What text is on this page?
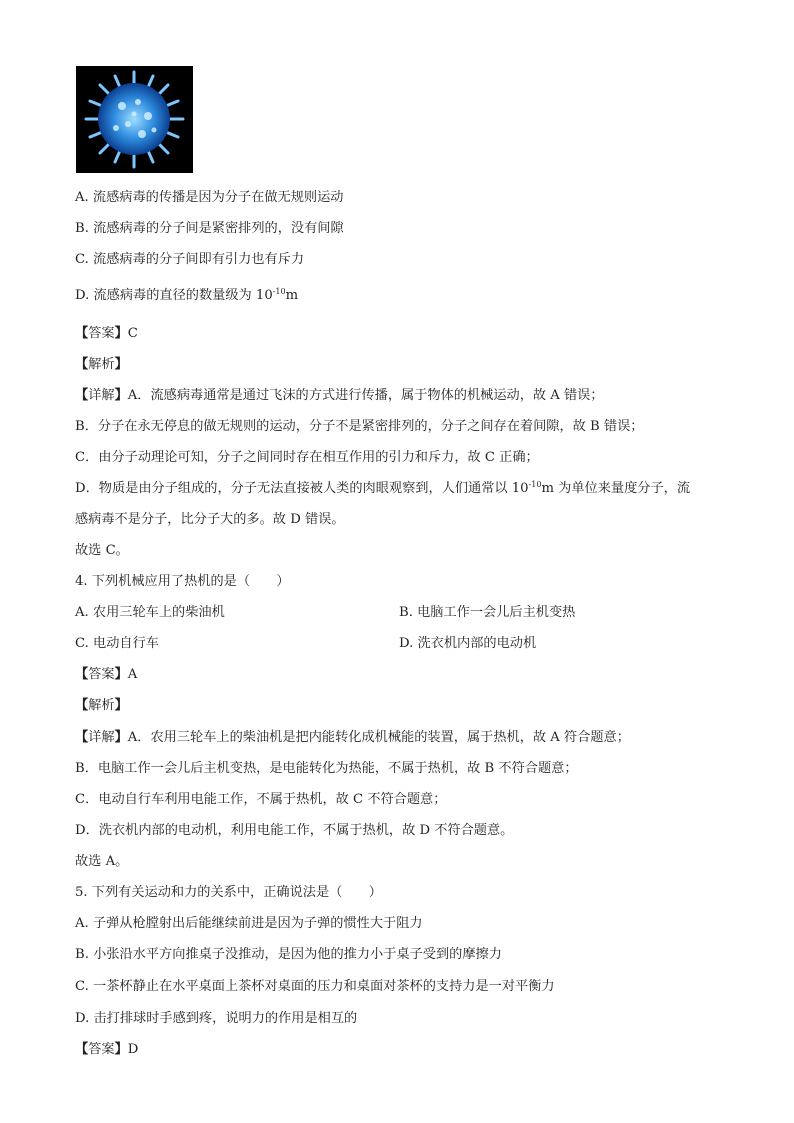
A. 流感病毒的传播是因为分子在做无规则运动
B. 流感病毒的分子间是紧密排列的，没有间隙
C. 流感病毒的分子间即有引力也有斥力
D. 流感病毒的直径的数量级为 $10^{-10}m$
【答案】C
【解析】
【详解】A．流感病毒通常是通过飞沫的方式进行传播，属于物体的机械运动，故 A 错误；
B．分子在永无停息的做无规则的运动，分子不是紧密排列的，分子之间存在着间隙，故 B 错误；
C．由分子动理论可知，分子之间同时存在相互作用的引力和斥力，故 C 正确；
D．物质是由分子组成的，分子无法直接被人类的肉眼观察到，人们通常以 $10^{-10}m$ 为单位来量度分子，流
感病毒不是分子，比分子大的多。故 D 错误。
故选 C。
4. 下列机械应用了热机的是（　　）
A. 农用三轮车上的柴油机	B. 电脑工作一会儿后主机变热
C. 电动自行车	D. 洗衣机内部的电动机
【答案】A
【解析】
【详解】A．农用三轮车上的柴油机是把内能转化成机械能的装置，属于热机，故 A 符合题意；
B．电脑工作一会儿后主机变热，是电能转化为热能，不属于热机，故 B 不符合题意；
C．电动自行车利用电能工作，不属于热机，故 C 不符合题意；
D．洗衣机内部的电动机，利用电能工作，不属于热机，故 D 不符合题意。
故选 A。
5. 下列有关运动和力的关系中，正确说法是（　　）
A. 子弹从枪膛射出后能继续前进是因为子弹的惯性大于阻力
B. 小张沿水平方向推桌子没推动，是因为他的推力小于桌子受到的摩擦力
C. 一茶杯静止在水平桌面上茶杯对桌面的压力和桌面对茶杯的支持力是一对平衡力
D. 击打排球时手感到疼，说明力的作用是相互的
【答案】D
